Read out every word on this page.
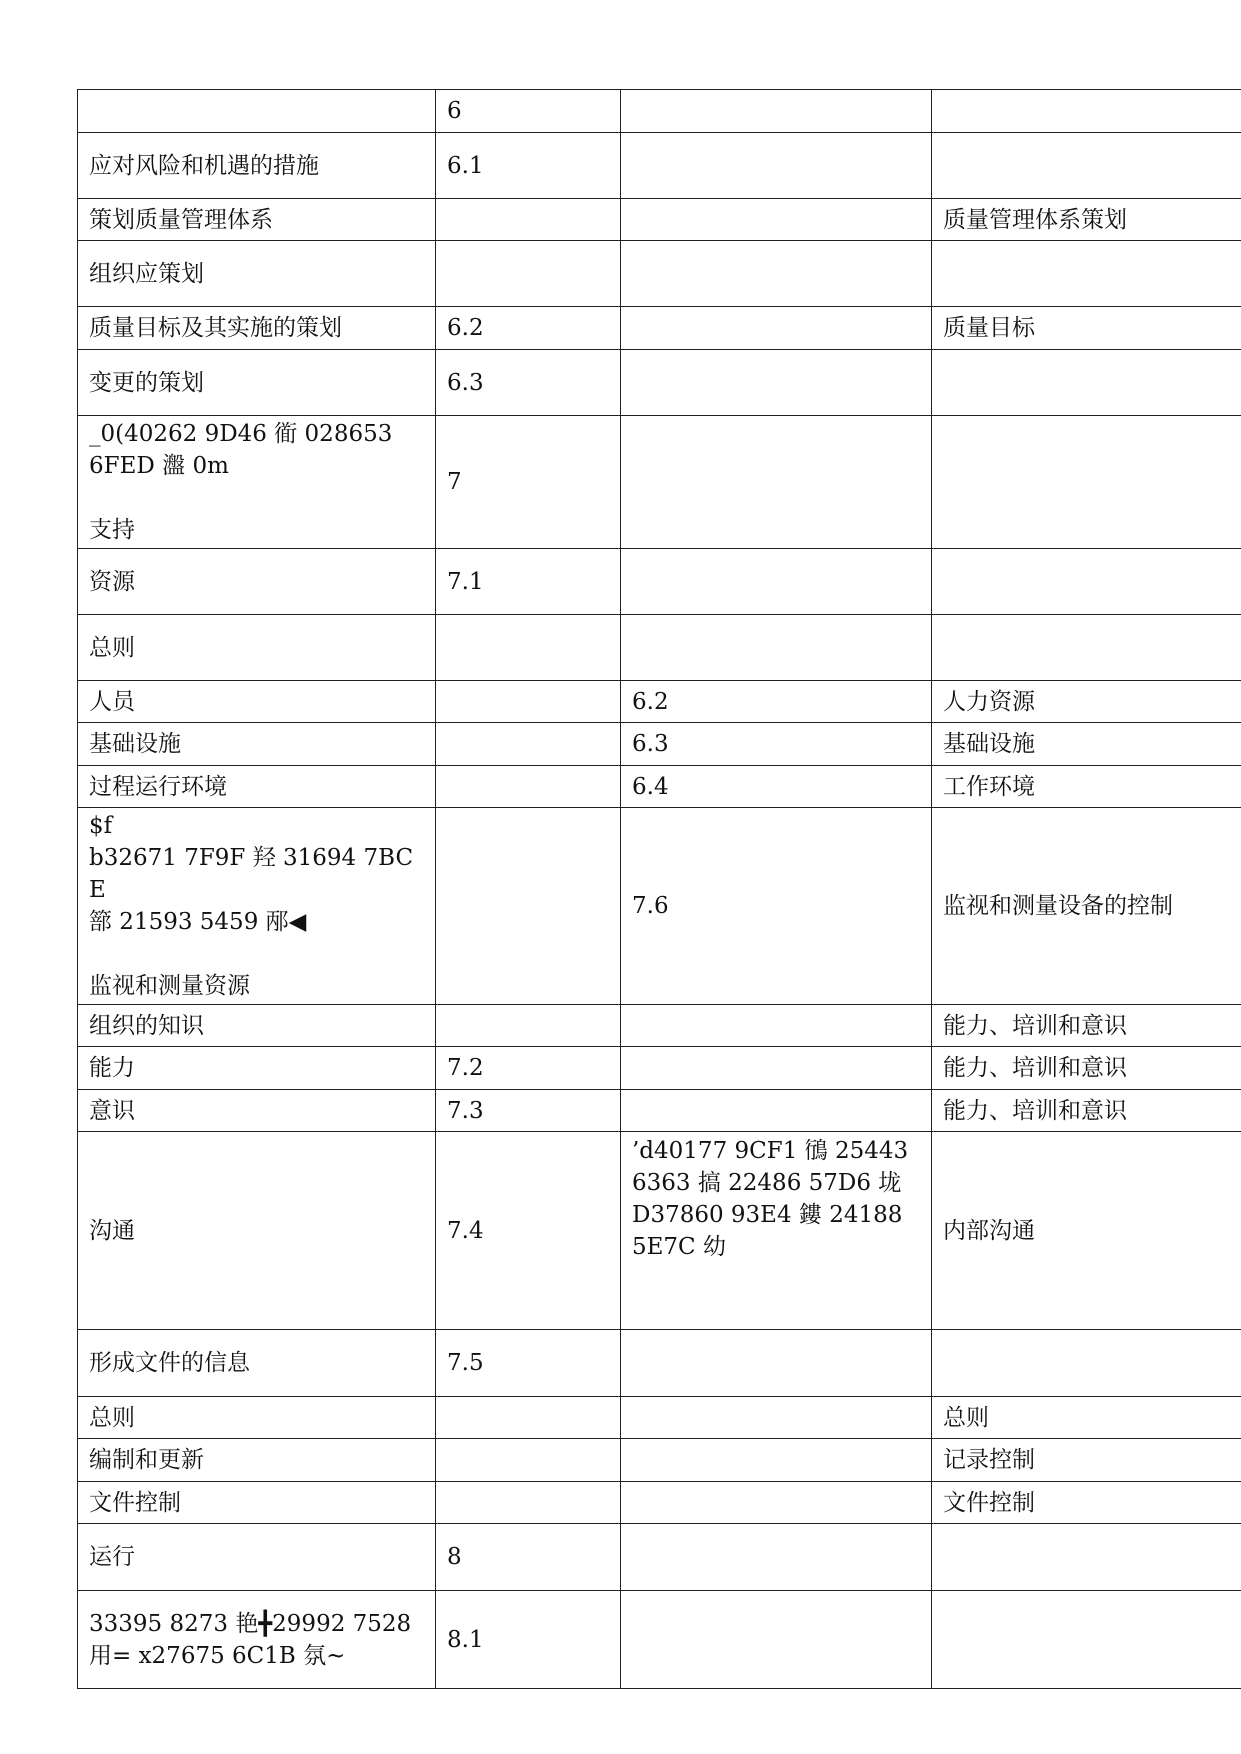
	6		
应对风险和机遇的措施	6.1		
策划质量管理体系			质量管理体系策划
组织应策划			
质量目标及其实施的策划	6.2		质量目标
变更的策划	6.3		
_0(40262 9D46 衜 028653
6FED 瀊 0m

支持	7		
资源	7.1		
总则			
人员		6.2	人力资源
基础设施		6.3	基础设施
过程运行环境		6.4	工作环境
$f
b32671 7F9F 羟 31694 7BCE
篰 21593 5459 邴◀

监视和测量资源		7.6	监视和测量设备的控制
组织的知识			能力、培训和意识
能力	7.2		能力、培训和意识
意识	7.3		能力、培训和意识
沟通	7.4	’d40177 9CF1 鴴 25443
6363 搞 22486 57D6 垅
D37860 93E4 鏤 24188
5E7C 幼	内部沟通
形成文件的信息	7.5		
总则			总则
编制和更新			记录控制
文件控制			文件控制
运行	8		
33395 8273 艳╋29992 7528
用= x27675 6C1B 氛~	8.1		
